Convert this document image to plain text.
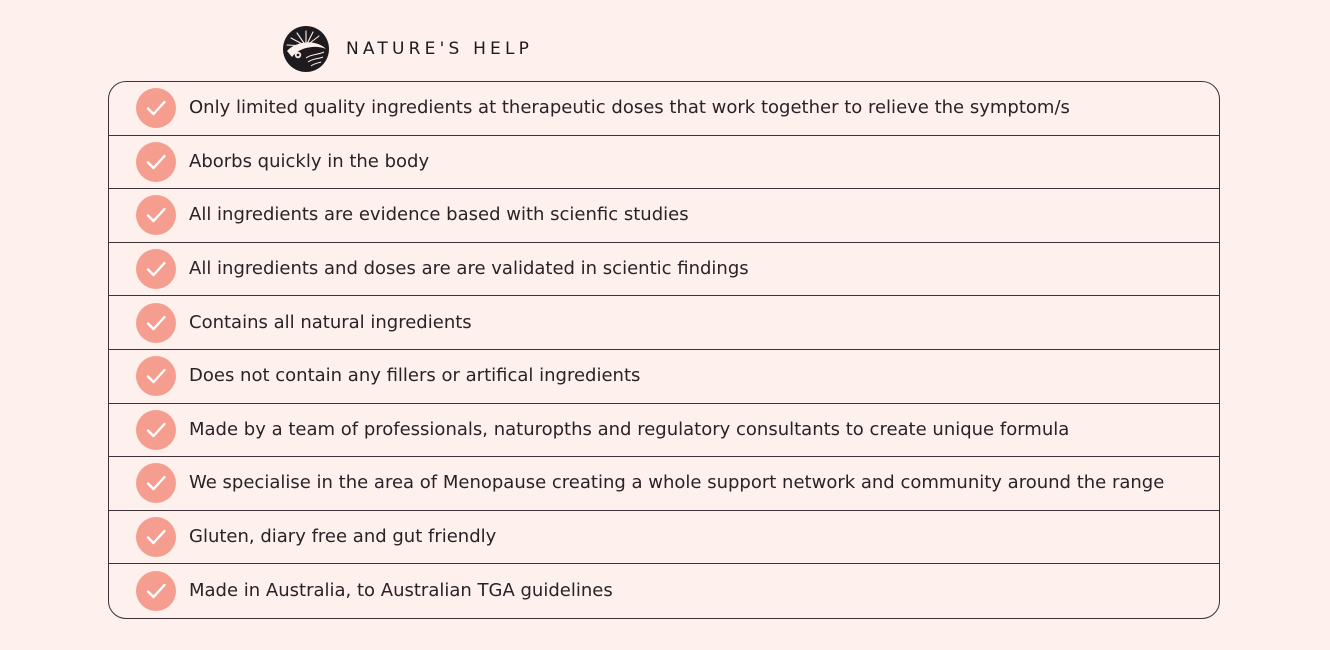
NATURE'S HELP
Only limited quality ingredients at therapeutic doses that work together to relieve the symptom/s
Aborbs quickly in the body
All ingredients are evidence based with scienfic studies
All ingredients and doses are are validated in scientic findings
Contains all natural ingredients
Does not contain any fillers or artifical ingredients
Made by a team of professionals, naturopths and regulatory consultants to create unique formula
We specialise in the area of Menopause creating a whole support network and community around the range
Gluten, diary free and gut friendly
Made in Australia, to Australian TGA guidelines
